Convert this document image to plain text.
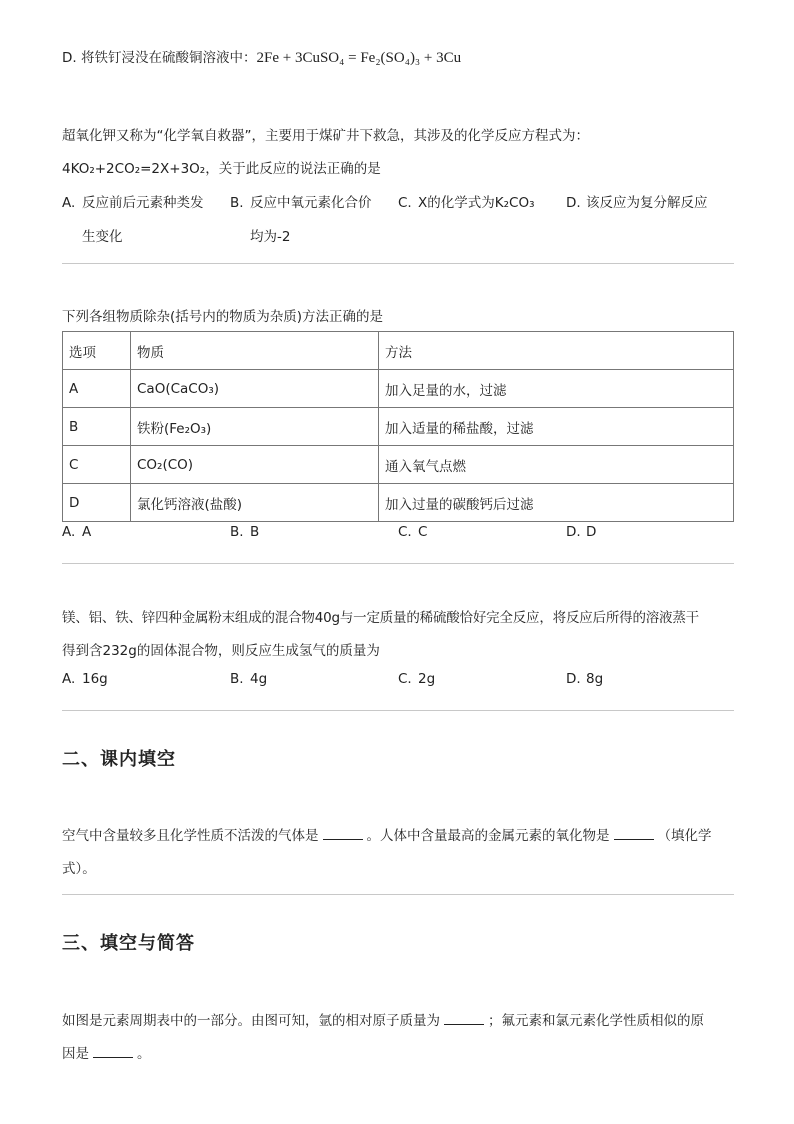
D. 将铁钉浸没在硫酸铜溶液中：2Fe + 3CuSO₄ = Fe₂(SO₄)₃ + 3Cu
超氧化钾又称为“化学氧自救器”，主要用于煤矿井下救急，其涉及的化学反应方程式为：
4KO₂+2CO₂=2X+3O₂，关于此反应的说法正确的是
A. 反应前后元素种类发
生变化
B. 反应中氧元素化合价
均为-2
C. X的化学式为K₂CO₃ D. 该反应为复分解反应
下列各组物质除杂(括号内的物质为杂质)方法正确的是
选项	物质	方法
A	CaO(CaCO₃)	加入足量的水，过滤
B	铁粉(Fe₂O₃)	加入适量的稀盐酸，过滤
C	CO₂(CO)	通入氧气点燃
D	氯化钙溶液(盐酸)	加入过量的碳酸钙后过滤
A. A	B. B	C. C	D. D
镁、铝、铁、锌四种金属粉末组成的混合物40g与一定质量的稀硫酸恰好完全反应，将反应后所得的溶液蒸干
得到含232g的固体混合物，则反应生成氢气的质量为
A. 16g	B. 4g	C. 2g	D. 8g
二、课内填空
空气中含量较多且化学性质不活泼的气体是	。人体中含量最高的金属元素的氧化物是	（填化学
式）。
三、填空与简答
如图是元素周期表中的一部分。由图可知，氩的相对原子质量为	；氟元素和氯元素化学性质相似的原
因是	。
